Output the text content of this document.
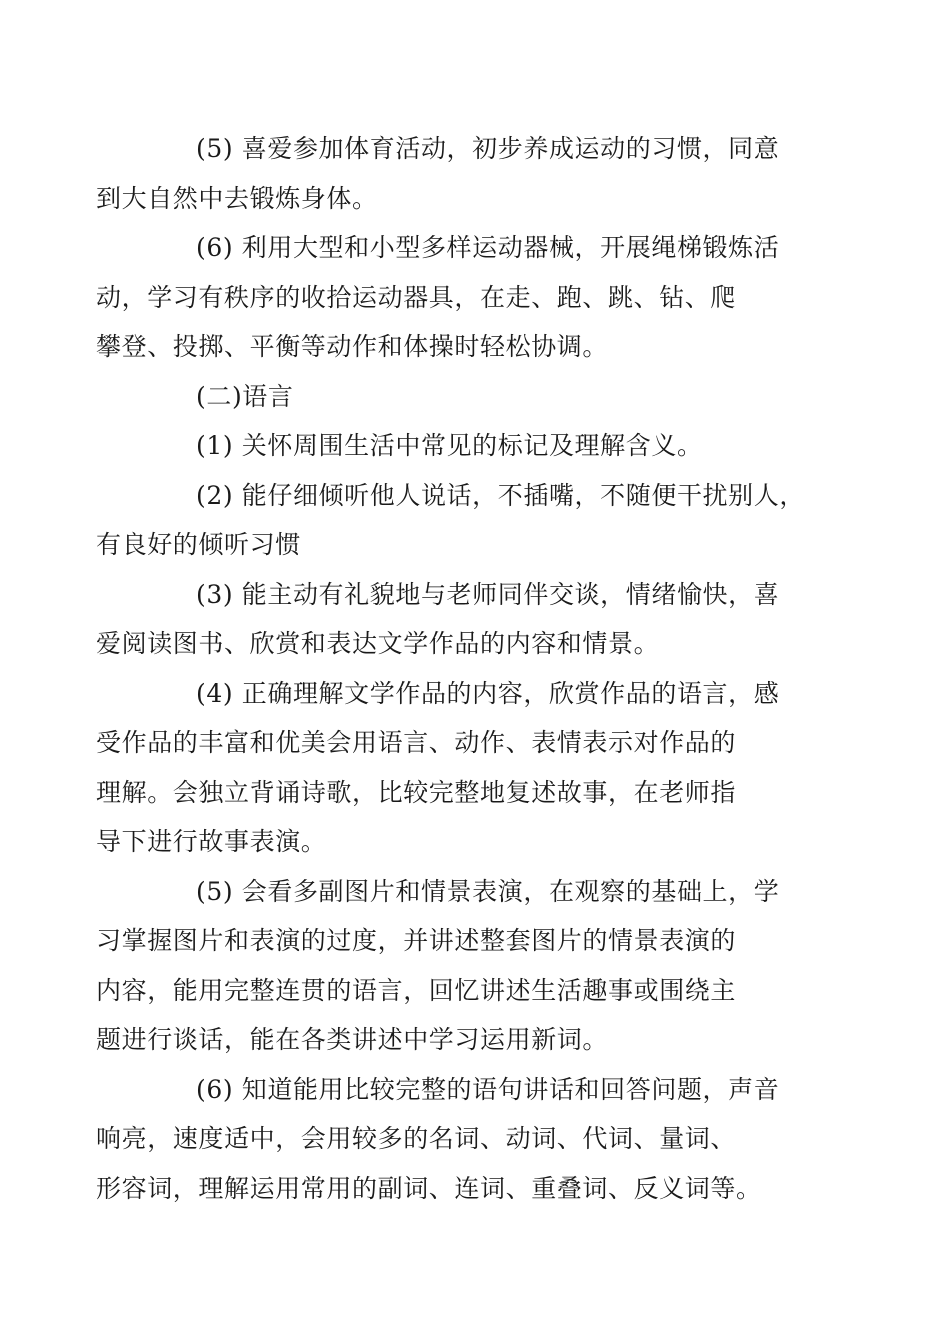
(5) 喜爱参加体育活动，初步养成运动的习惯，同意
到大自然中去锻炼身体。

(6) 利用大型和小型多样运动器械，开展绳梯锻炼活
动，学习有秩序的收拾运动器具，在走、跑、跳、钻、爬
攀登、投掷、平衡等动作和体操时轻松协调。

(二)语言

(1) 关怀周围生活中常见的标记及理解含义。

(2) 能仔细倾听他人说话，不插嘴，不随便干扰别人，
有良好的倾听习惯

(3) 能主动有礼貌地与老师同伴交谈，情绪愉快，喜
爱阅读图书、欣赏和表达文学作品的内容和情景。

(4) 正确理解文学作品的内容，欣赏作品的语言，感
受作品的丰富和优美会用语言、动作、表情表示对作品的
理解。会独立背诵诗歌，比较完整地复述故事，在老师指
导下进行故事表演。

(5) 会看多副图片和情景表演，在观察的基础上，学
习掌握图片和表演的过度，并讲述整套图片的情景表演的
内容，能用完整连贯的语言，回忆讲述生活趣事或围绕主
题进行谈话，能在各类讲述中学习运用新词。

(6) 知道能用比较完整的语句讲话和回答问题，声音
响亮，速度适中，会用较多的名词、动词、代词、量词、
形容词，理解运用常用的副词、连词、重叠词、反义词等。
